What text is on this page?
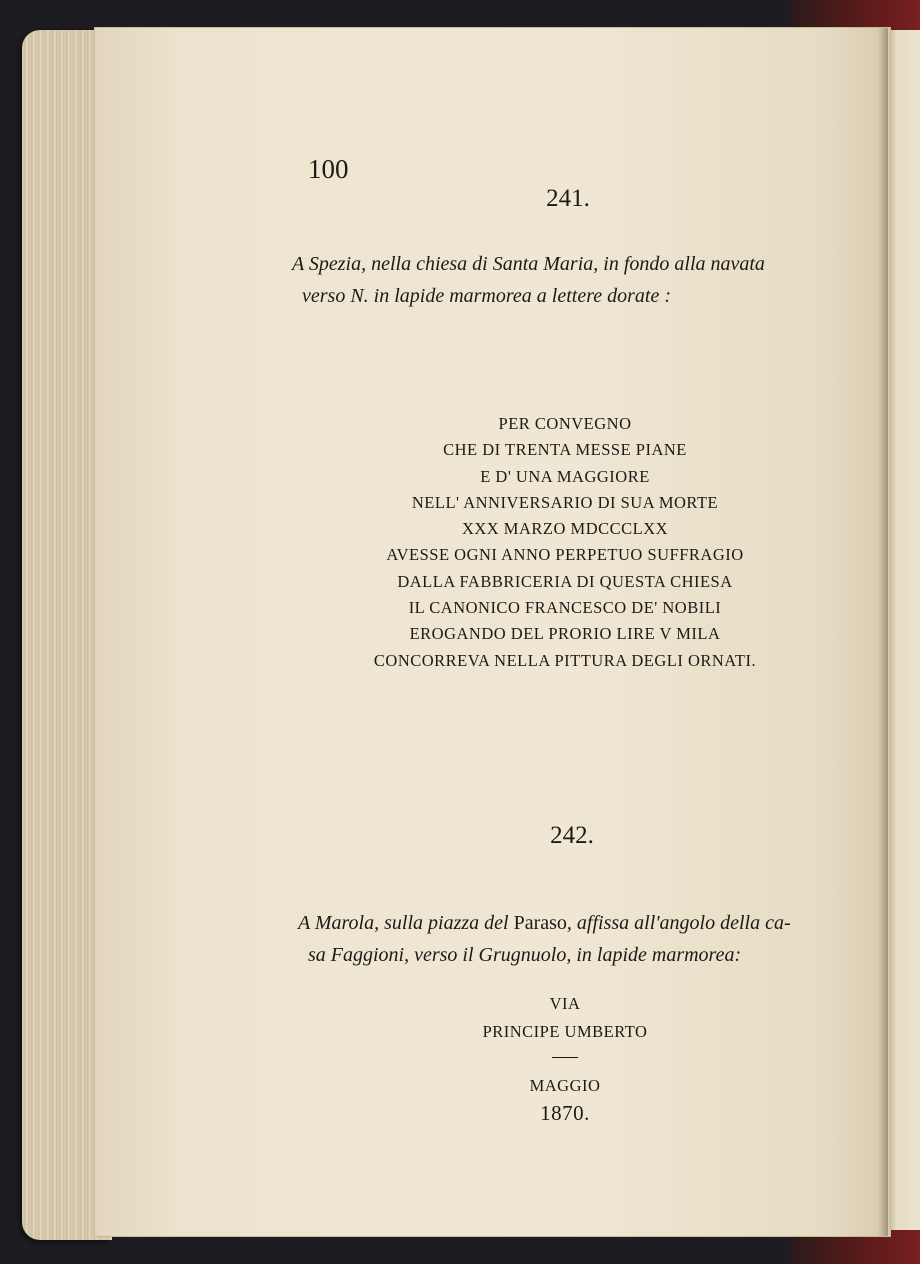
100
241.
A Spezia, nella chiesa di Santa Maria, in fondo alla navata
verso N. in lapide marmorea a lettere dorate :
PER CONVEGNO
CHE DI TRENTA MESSE PIANE
E D' UNA MAGGIORE
NELL' ANNIVERSARIO DI SUA MORTE
XXX MARZO MDCCCLXX
AVESSE OGNI ANNO PERPETUO SUFFRAGIO
DALLA FABBRICERIA DI QUESTA CHIESA
IL CANONICO FRANCESCO DE' NOBILI
EROGANDO DEL PRORIO LIRE V MILA
CONCORREVA NELLA PITTURA DEGLI ORNATI.
242.
A Marola, sulla piazza del Paraso, affissa all'angolo della ca-
sa Faggioni, verso il Grugnuolo, in lapide marmorea:
VIA
PRINCIPE UMBERTO
MAGGIO
1870.
